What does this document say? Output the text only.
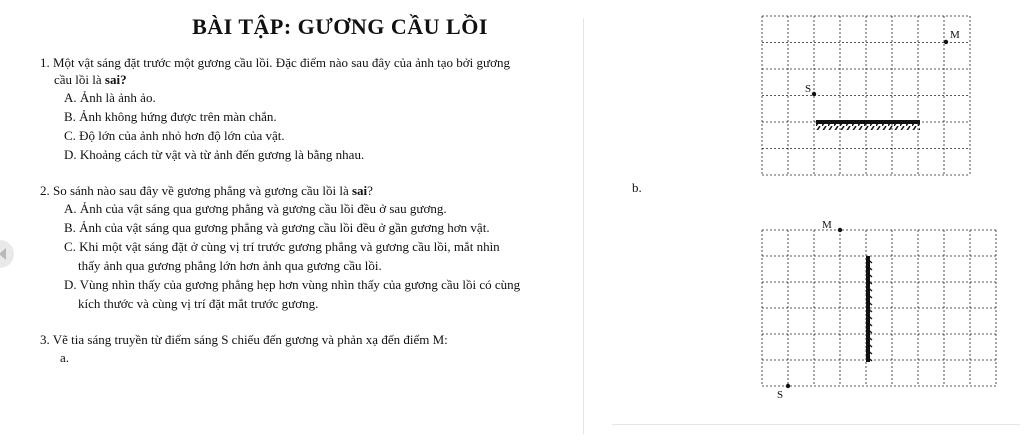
BÀI TẬP: GƯƠNG CẦU LỒI

1. Một vật sáng đặt trước một gương cầu lồi. Đặc điểm nào sau đây của ảnh tạo bởi gương
cầu lồi là sai?

A. Ảnh là ảnh ảo.
B. Ảnh không hứng được trên màn chắn.
C. Độ lớn của ảnh nhỏ hơn độ lớn của vật.
D. Khoảng cách từ vật và từ ảnh đến gương là bằng nhau.

2. So sánh nào sau đây về gương phẳng và gương cầu lồi là sai?

A. Ảnh của vật sáng qua gương phẳng và gương cầu lồi đều ở sau gương.
B. Ảnh của vật sáng qua gương phẳng và gương cầu lồi đều ở gần gương hơn vật.
C. Khi một vật sáng đặt ở cùng vị trí trước gương phẳng và gương cầu lồi, mắt nhìn
thấy ảnh qua gương phẳng lớn hơn ảnh qua gương cầu lồi.
D. Vùng nhìn thấy của gương phẳng hẹp hơn vùng nhìn thấy của gương cầu lồi có cùng
kích thước và cùng vị trí đặt mắt trước gương.

3. Vẽ tia sáng truyền từ điểm sáng S chiếu đến gương và phản xạ đến điểm M:

a.
b.
S
M
M
S
